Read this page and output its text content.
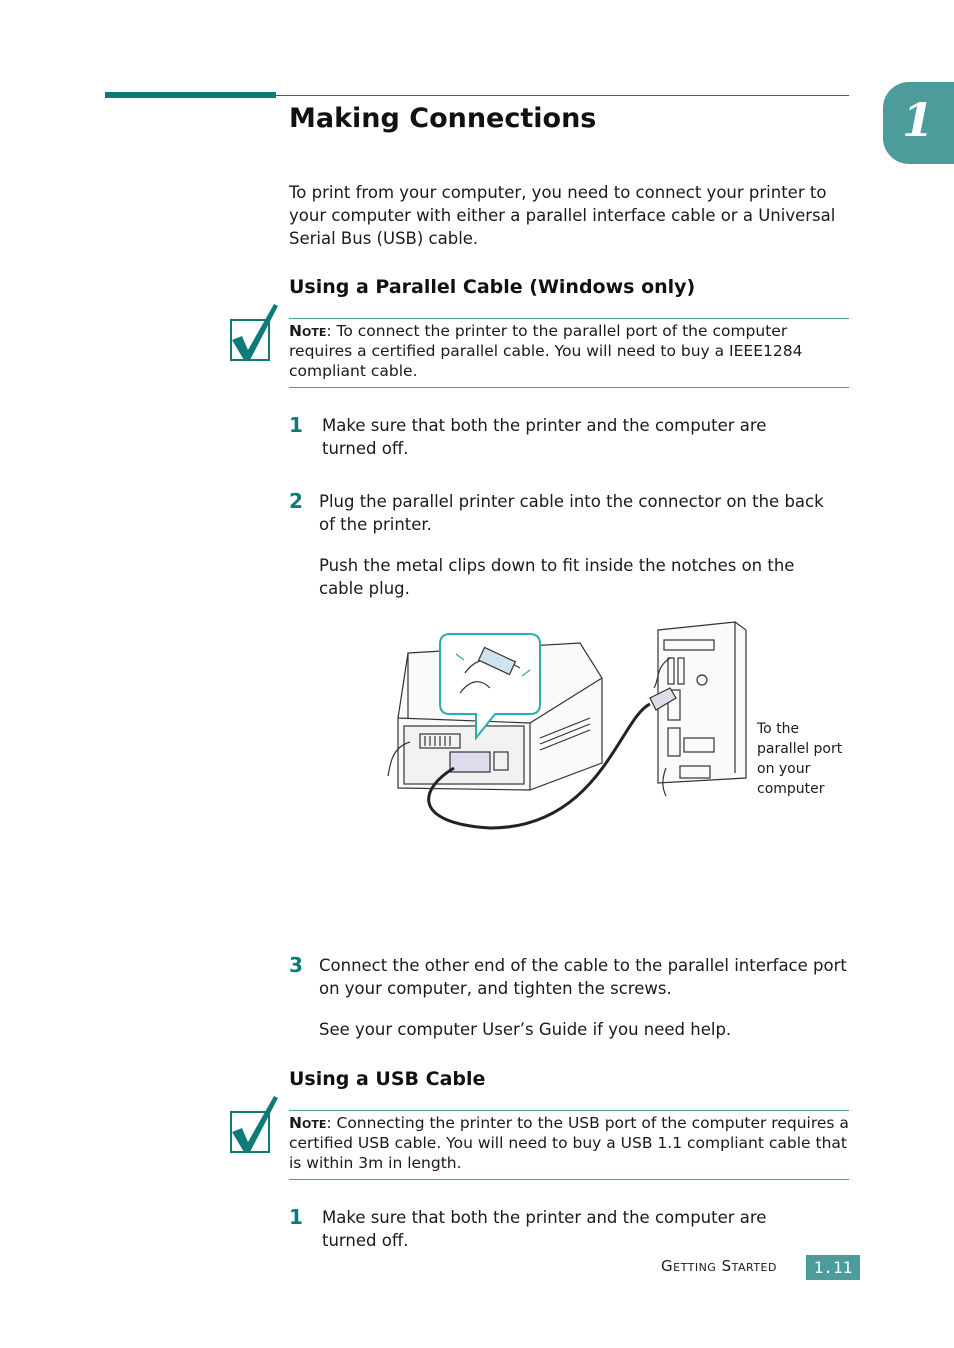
1
Making Connections

To print from your computer, you need to connect your printer to your computer with either a parallel interface cable or a Universal Serial Bus (USB) cable.

Using a Parallel Cable (Windows only)

Note: To connect the printer to the parallel port of the computer requires a certified parallel cable. You will need to buy a IEEE1284 compliant cable.
1 Make sure that both the printer and the computer are turned off.

2 Plug the parallel printer cable into the connector on the back of the printer.

Push the metal clips down to fit inside the notches on the cable plug.

To the parallel port on your computer
3 Connect the other end of the cable to the parallel interface port on your computer, and tighten the screws.

See your computer User’s Guide if you need help.

Using a USB Cable

Note: Connecting the printer to the USB port of the computer requires a certified USB cable. You will need to buy a USB 1.1 compliant cable that is within 3m in length.
1 Make sure that both the printer and the computer are turned off.

Getting Started	1.11
